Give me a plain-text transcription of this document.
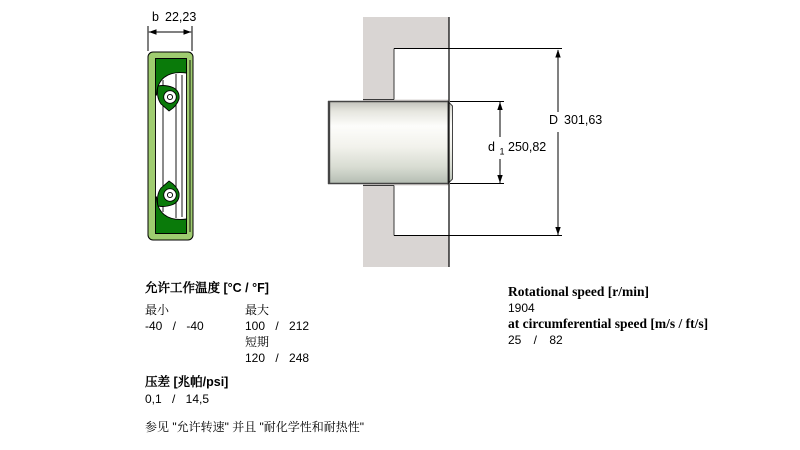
b 22,23
D 301,63
d $_1$ 250,82
允许工作温度 [°C / °F]
最小	最大
-40 / -40	100 / 212
短期
120 / 248
压差 [兆帕/psi]
0,1 / 14,5
参见 "允许转速" 并且 "耐化学性和耐热性"
Rotational speed [r/min]
1904
at circumferential speed [m/s / ft/s]
25 / 82
